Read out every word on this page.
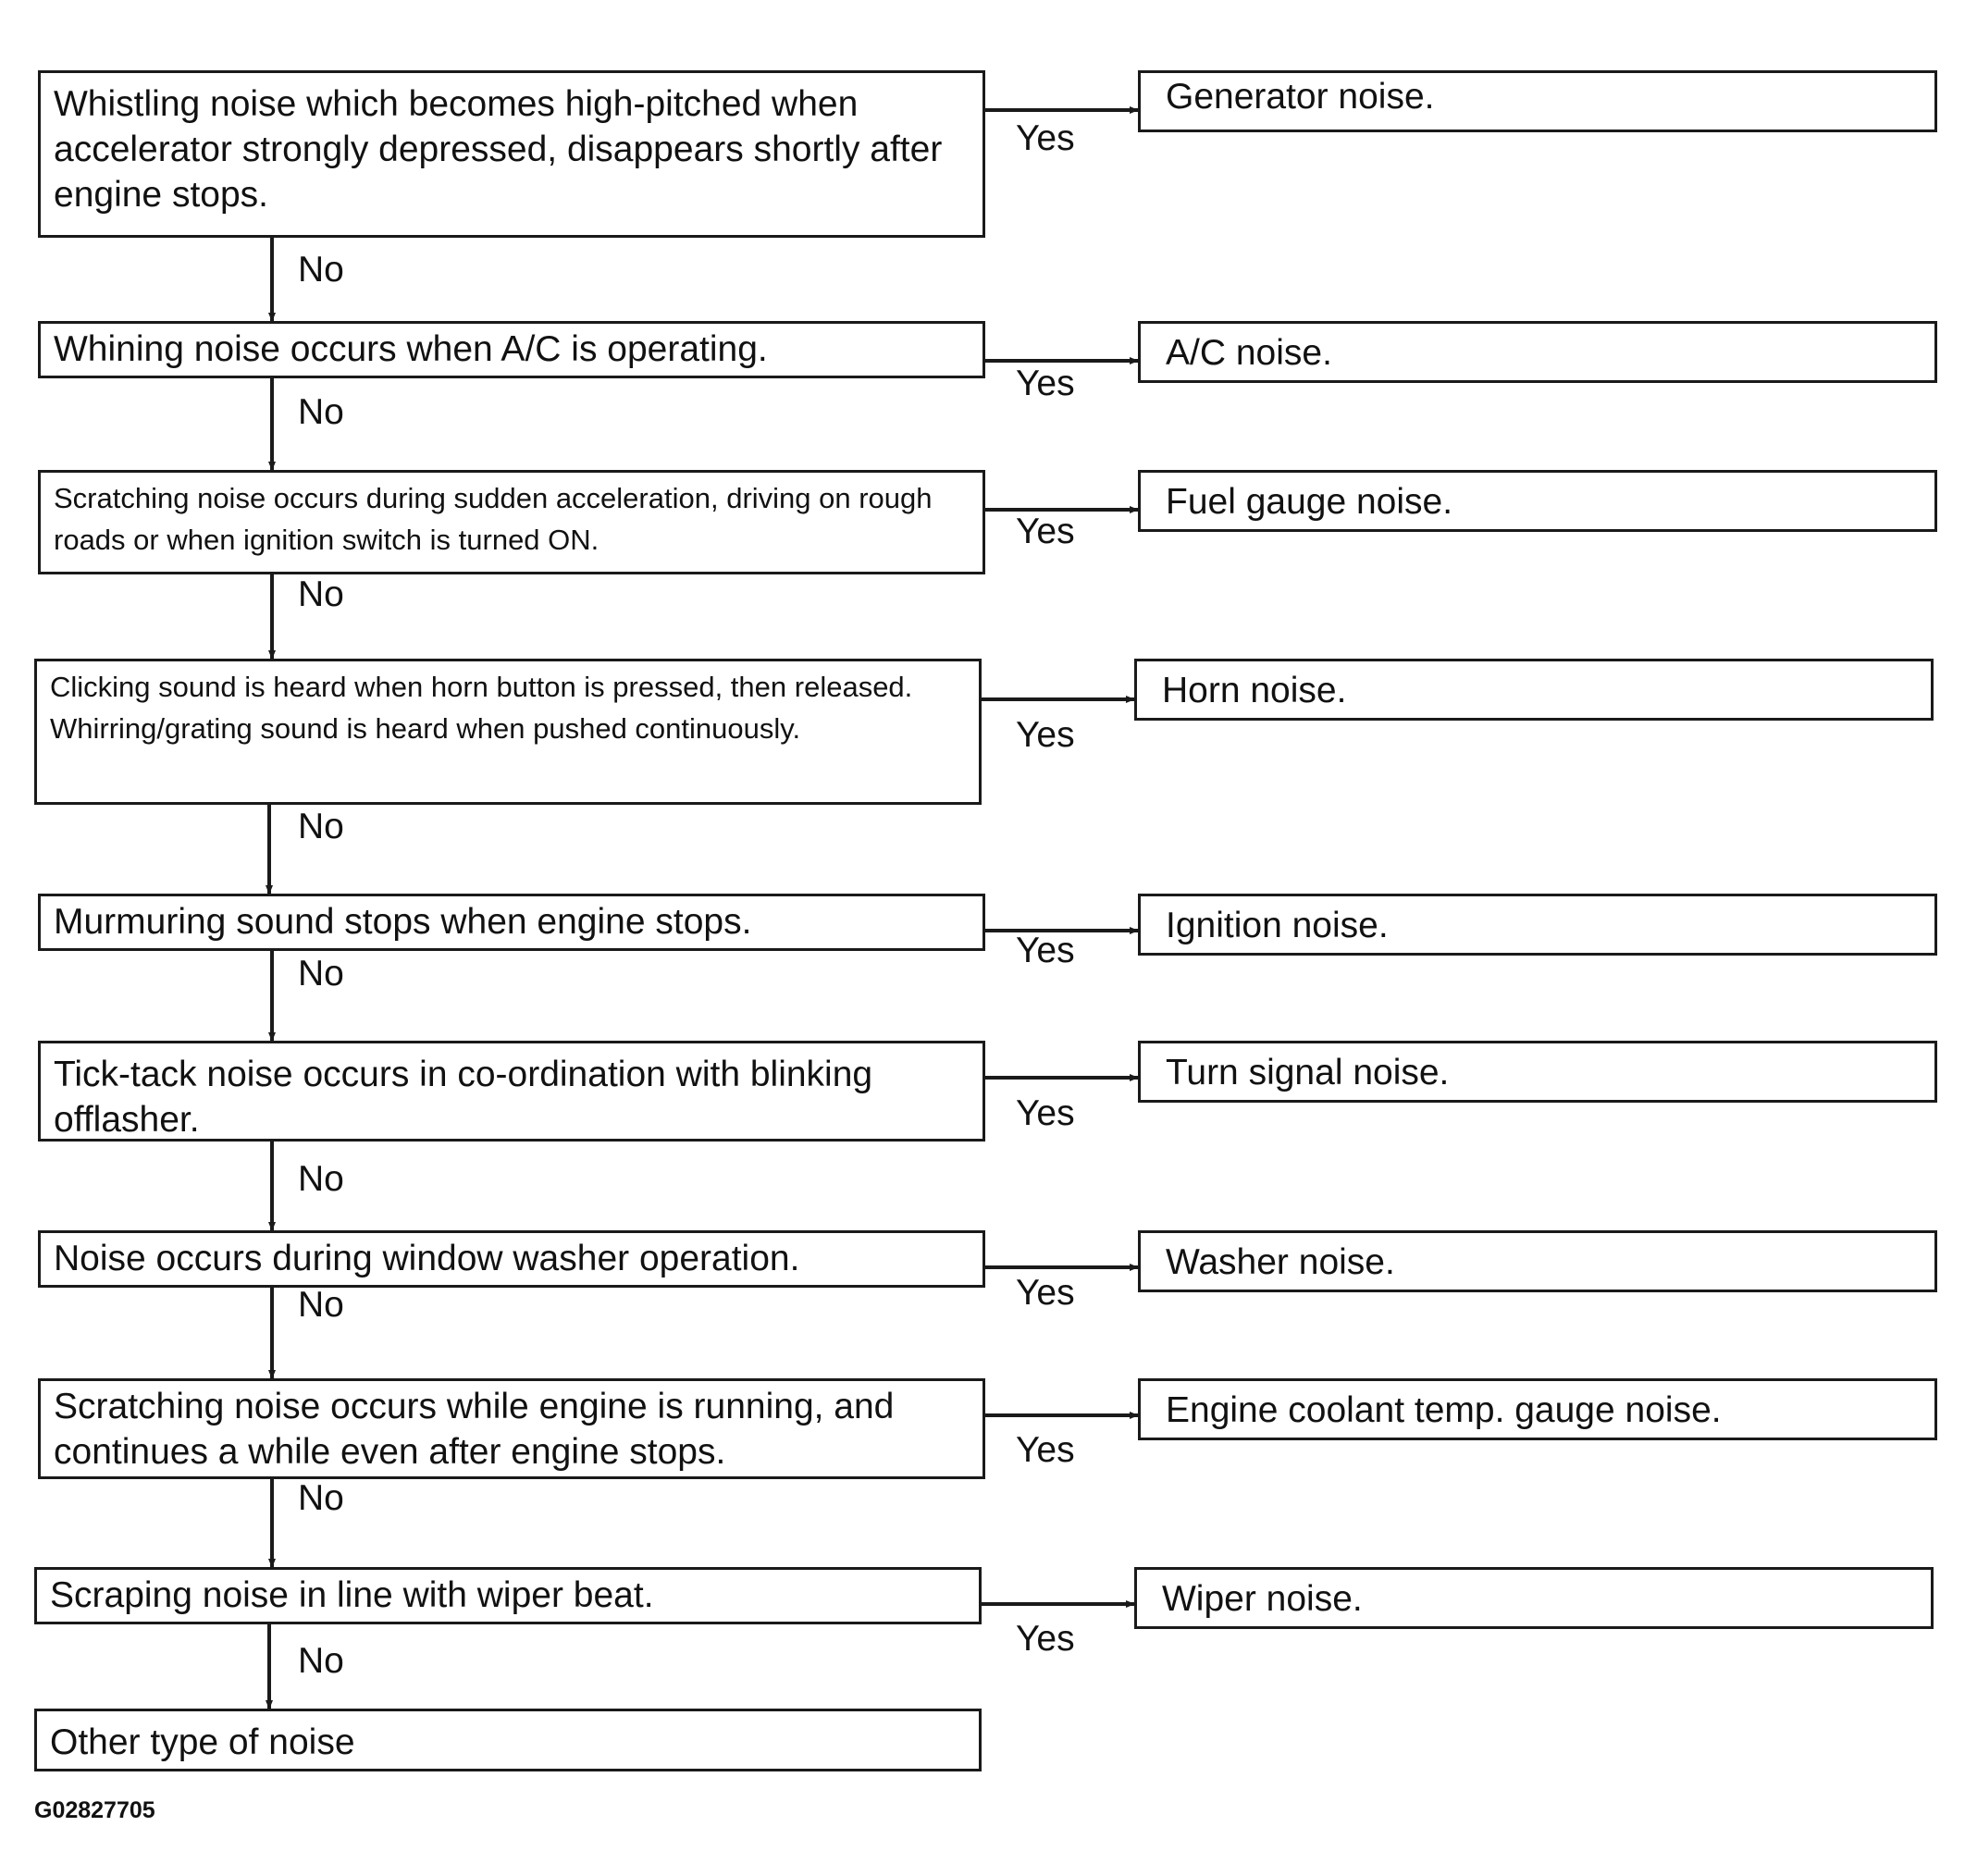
Whistling noise which becomes high-pitched when accelerator strongly depressed, disappears shortly after engine stops.
Whining noise occurs when A/C is operating.
Scratching noise occurs during sudden acceleration, driving on rough roads or when ignition switch is turned ON.
Clicking sound is heard when horn button is pressed, then released. Whirring/grating sound is heard when pushed continuously.
Murmuring sound stops when engine stops.
Tick-tack noise occurs in co-ordination with blinking offlasher.
Noise occurs during window washer operation.
Scratching noise occurs while engine is running, and continues a while even after engine stops.
Scraping noise in line with wiper beat.
Other type of noise
Generator noise.
A/C noise.
Fuel gauge noise.
Horn noise.
Ignition noise.
Turn signal noise.
Washer noise.
Engine coolant temp. gauge noise.
Wiper noise.
Yes
Yes
Yes
Yes
Yes
Yes
Yes
Yes
Yes
No
No
No
No
No
No
No
No
No
G02827705
